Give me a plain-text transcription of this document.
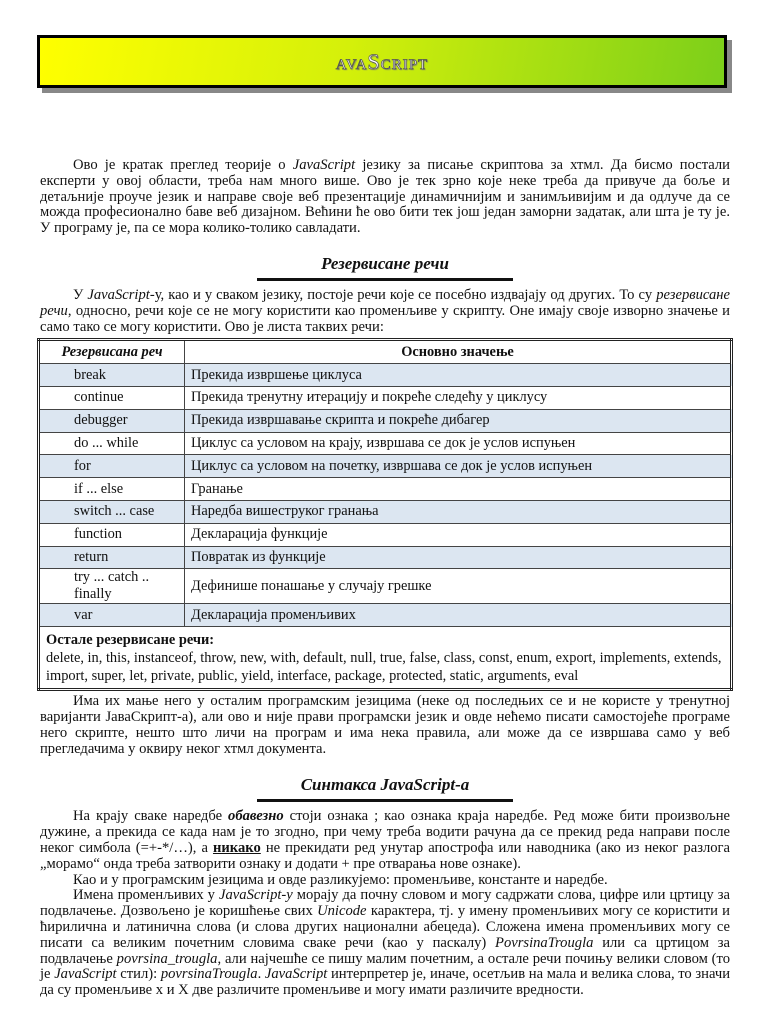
avaScript

Ово је кратак преглед теорије о JavaScript језику за писање скриптова за хтмл. Да бисмо постали експерти у овој области, треба нам много више. Ово је тек зрно које неке треба да привуче да боље и детаљније проуче језик и направе своје веб презентације динамичнијим и занимљивијим и да одлуче да се можда професионално баве веб дизајном. Већини ће ово бити тек још један заморни задатак, али шта је ту је. У програму је, па се мора колико-толико савладати.

Резервисане речи

У JavaScript-у, као и у сваком језику, постоје речи које се посебно издвајају од других. То су резервисане речи, односно, речи које се не могу користити као променљиве у скрипту. Оне имају своје изворно значење и само тако се могу користити. Ово је листа таквих речи:

Резервисана реч	Основно значење
break	Прекида извршење циклуса
continue	Прекида тренутну итерацију и покреће следећу у циклусу
debugger	Прекида извршавање скрипта и покреће дибагер
do ... while	Циклус са условом на крају, извршава се док је услов испуњен
for	Циклус са условом на почетку, извршава се док је услов испуњен
if ... else	Гранање
switch ... case	Наредба вишеструког гранања
function	Декларација функције
return	Повратак из функције
try ... catch .. finally	Дефинише понашање у случају грешке
var	Декларација променљивих
Остале резервисане речи:
delete, in, this, instanceof, throw, new, with, default, null, true, false, class, const, enum, export, implements, extends, import, super, let, private, public, yield, interface, package, protected, static, arguments, eval	

Има их мање него у осталим програмским језицима (неке од последњих се и не користе у тренутној варијанти ЈаваСкрипт-а), али ово и није прави програмски језик и овде нећемо писати самостојеће програме него скрипте, нешто што личи на програм и има нека правила, али може да се извршава само у веб прегледачима у оквиру неког хтмл документа.

Синтакса JavaScript-а
На крају сваке наредбе обавезно стоји ознака ; као ознака краја наредбе. Ред може бити произвољне дужине, а прекида се када нам је то згодно, при чему треба водити рачуна да се прекид реда направи после неког симбола (=+-*/…), а никако не прекидати ред унутар апострофа или наводника (ако из неког разлога „морамо“ онда треба затворити ознаку и додати + пре отварања нове ознаке).
Као и у програмским језицима и овде разликујемо: променљиве, константе и наредбе.
Имена променљивих у JavaScript-у морају да почну словом и могу садржати слова, цифре или цртицу за подвлачење. Дозвољено је коришћење свих Unicode карактера, тј. у имену променљивих могу се користити и ћирилична и латинична слова (и слова других национални абецеда). Сложена имена променљивих могу се писати са великим почетним словима сваке речи (као у паскалу) PovrsinaTrougla или са цртицом за подвлачење povrsina_trougla, али најчешће се пишу малим почетним, а остале речи почињу велики словом (то је JavaScript стил): povrsinaTrougla. JavaScript интерпретер је, иначе, осетљив на мала и велика слова, то значи да су променљиве x и X две различите променљиве и могу имати различите вредности.
